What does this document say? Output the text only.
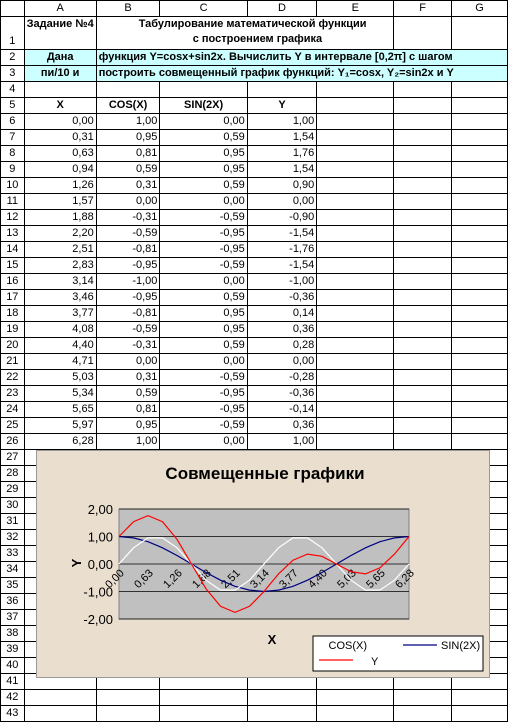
	A	B	C	D	E	F	G
1	Задание №4	Табулирование математической функции
с построением графика					

2	Дана	функция Y=cosx+sin2x. Вычислить Y в интервале [0,2π] с шагом					
3	пи/10 и	построить совмещенный график функций: Y₁=cosx, Y₂=sin2x и Y					
4							
5	X	COS(X)	SIN(2X)	Y			
6	0,00	1,00	0,00	1,00			
7	0,31	0,95	0,59	1,54			
8	0,63	0,81	0,95	1,76			
9	0,94	0,59	0,95	1,54			
10	1,26	0,31	0,59	0,90			
11	1,57	0,00	0,00	0,00			
12	1,88	-0,31	-0,59	-0,90			
13	2,20	-0,59	-0,95	-1,54			
14	2,51	-0,81	-0,95	-1,76			
15	2,83	-0,95	-0,59	-1,54			
16	3,14	-1,00	0,00	-1,00			
17	3,46	-0,95	0,59	-0,36			
18	3,77	-0,81	0,95	0,14			
19	4,08	-0,59	0,95	0,36			
20	4,40	-0,31	0,59	0,28			
21	4,71	0,00	0,00	0,00			
22	5,03	0,31	-0,59	-0,28			
23	5,34	0,59	-0,95	-0,36			
24	5,65	0,81	-0,95	-0,14			
25	5,97	0,95	-0,59	0,36			
26	6,28	1,00	0,00	1,00			
27							
28							
29							
30							
31							
32							
33							
34							
35							
36							
37							
38							
39							
40							
41							
42							
43							
Совмещенные графики
2,00
1,00
0,00
-1,00
-2,00
0,00 0,63 1,26 1,88 2,51 3,14 3,77 4,40 5,03 5,65 6,28
X
Y
COS(X)	SIN(2X)
Y
